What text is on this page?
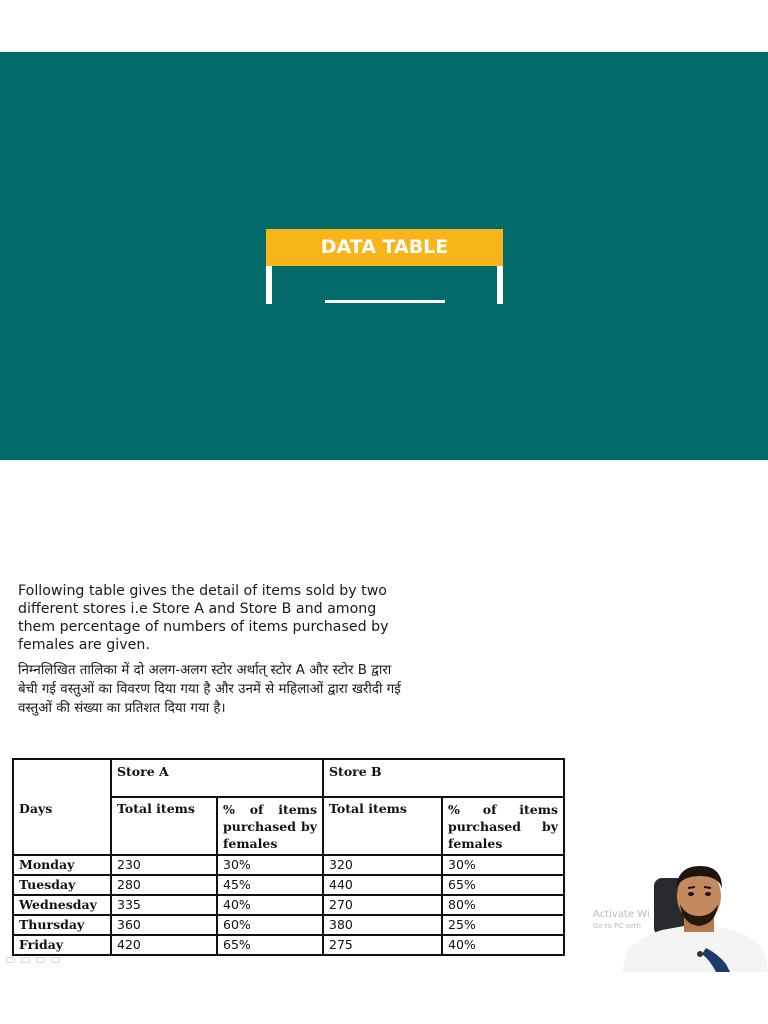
DATA TABLE

Following table gives the detail of items sold by two different stores i.e Store A and Store B and among them percentage of numbers of items purchased by females are given.

निम्नलिखित तालिका में दो अलग-अलग स्टोर अर्थात् स्टोर A और स्टोर B द्वारा बेची गई वस्तुओं का विवरण दिया गया है और उनमें से महिलाओं द्वारा खरीदी गई वस्तुओं की संख्या का प्रतिशत दिया गया है।

Days	Store A		Store B	
	Total items	% of items purchased by females	Total items	% of items purchased by females
Monday	230	30%	320	30%
Tuesday	280	45%	440	65%
Wednesday	335	40%	270	80%
Thursday	360	60%	380	25%
Friday	420	65%	275	40%
Activate Wi
Go to PC setti
